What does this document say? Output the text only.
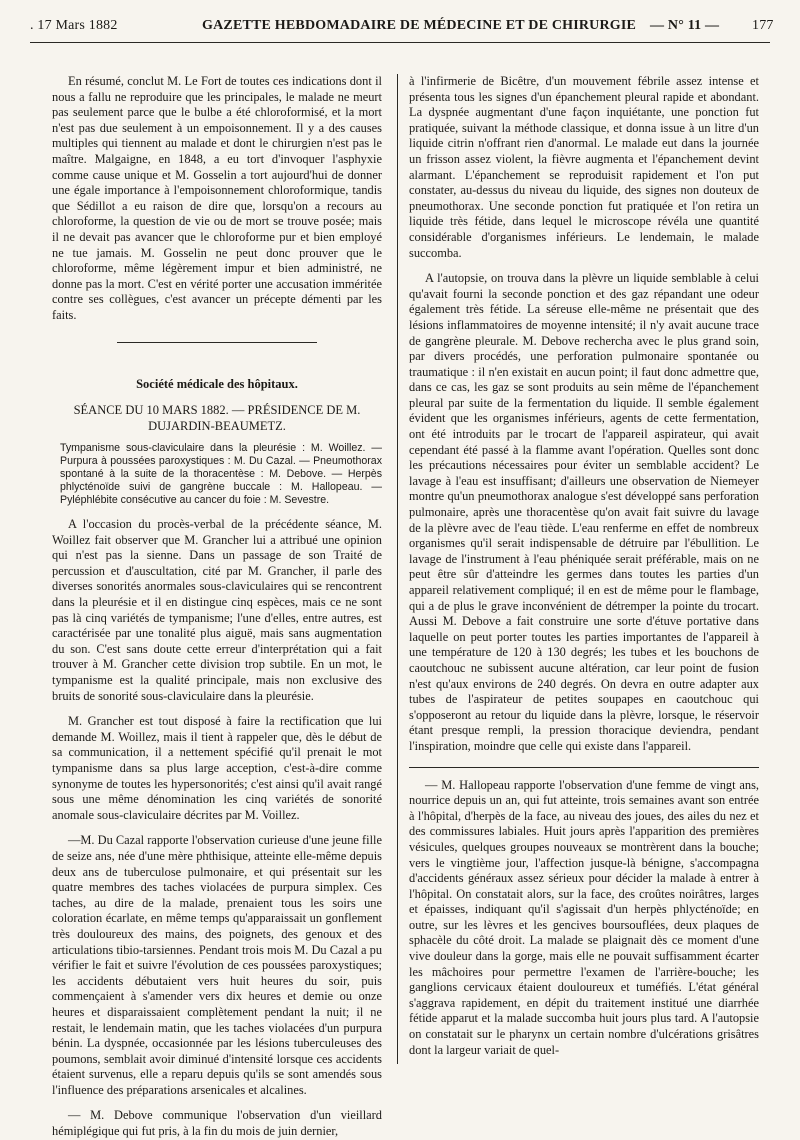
. 17 Mars 1882	GAZETTE HEBDOMADAIRE DE MÉDECINE ET DE CHIRURGIE — N° 11 — 177

En résumé, conclut M. Le Fort de toutes ces indications dont il nous a fallu ne reproduire que les principales, le malade ne meurt pas seulement parce que le bulbe a été chloroformisé, et la mort n'est pas due seulement à un empoisonnement. Il y a des causes multiples qui tiennent au malade et dont le chirurgien n'est pas le maître. Malgaigne, en 1848, a eu tort d'invoquer l'asphyxie comme cause unique et M. Gosselin a tort aujourd'hui de donner une égale importance à l'empoisonnement chloroformique, tandis que Sédillot a eu raison de dire que, lorsqu'on a recours au chloroforme, la question de vie ou de mort se trouve posée; mais il ne devait pas avancer que le chloroforme pur et bien employé ne tue jamais. M. Gosselin ne peut donc prouver que le chloroforme, même légèrement impur et bien administré, ne donne pas la mort. C'est en vérité porter une accusation imméritée contre ses collègues, c'est avancer un précepte démenti par les faits.

Société médicale des hôpitaux.
SÉANCE DU 10 MARS 1882. — PRÉSIDENCE DE M. DUJARDIN-BEAUMETZ.
Tympanisme sous-claviculaire dans la pleurésie : M. Woillez. — Purpura à poussées paroxystiques : M. Du Cazal. — Pneumothorax spontané à la suite de la thoracentèse : M. Debove. — Herpès phlycténoïde suivi de gangrène buccale : M. Hallopeau. — Pyléphlébite consécutive au cancer du foie : M. Sevestre.

A l'occasion du procès-verbal de la précédente séance, M. Woillez fait observer que M. Grancher lui a attribué une opinion qui n'est pas la sienne. Dans un passage de son Traité de percussion et d'auscultation, cité par M. Grancher, il parle des diverses sonorités anormales sous-claviculaires qui se rencontrent dans la pleurésie et il en distingue cinq espèces, mais ce ne sont pas là cinq variétés de tympanisme; l'une d'elles, entre autres, est caractérisée par une tonalité plus aiguë, mais sans augmentation du son. C'est sans doute cette erreur d'interprétation qui a fait trouver à M. Grancher cette division trop subtile. En un mot, le tympanisme est la qualité principale, mais non exclusive des bruits de sonorité sous-claviculaire dans la pleurésie.

M. Grancher est tout disposé à faire la rectification que lui demande M. Woillez, mais il tient à rappeler que, dès le début de sa communication, il a nettement spécifié qu'il prenait le mot tympanisme dans sa plus large acception, c'est-à-dire comme synonyme de toutes les hypersonorités; c'est ainsi qu'il avait rangé sous une même dénomination les cinq variétés de sonorité anomale sous-claviculaire décrites par M. Voillez.

—M. Du Cazal rapporte l'observation curieuse d'une jeune fille de seize ans, née d'une mère phthisique, atteinte elle-même depuis deux ans de tuberculose pulmonaire, et qui présentait sur les quatre membres des taches violacées de purpura simplex. Ces taches, au dire de la malade, prenaient tous les soirs une coloration écarlate, en même temps qu'apparaissait un gonflement très douloureux des mains, des poignets, des genoux et des articulations tibio-tarsiennes. Pendant trois mois M. Du Cazal a pu vérifier le fait et suivre l'évolution de ces poussées paroxystiques; les accidents débutaient vers huit heures du soir, puis commençaient à s'amender vers dix heures et demie ou onze heures et disparaissaient complètement pendant la nuit; il ne restait, le lendemain matin, que les taches violacées d'un purpura bénin. La dyspnée, occasionnée par les lésions tuberculeuses des poumons, semblait avoir diminué d'intensité lorsque ces accidents étaient survenus, elle a reparu depuis qu'ils se sont amendés sous l'influence des préparations arsenicales et alcalines.

— M. Debove communique l'observation d'un vieillard hémiplégique qui fut pris, à la fin du mois de juin dernier,

à l'infirmerie de Bicêtre, d'un mouvement fébrile assez intense et présenta tous les signes d'un épanchement pleural rapide et abondant. La dyspnée augmentant d'une façon inquiétante, une ponction fut pratiquée, suivant la méthode classique, et donna issue à un litre d'un liquide citrin n'offrant rien d'anormal. Le malade eut dans la journée un frisson assez violent, la fièvre augmenta et l'épanchement devint alarmant. L'épanchement se reproduisit rapidement et l'on put constater, au-dessus du niveau du liquide, des signes non douteux de pneumothorax. Une seconde ponction fut pratiquée et l'on retira un liquide très fétide, dans lequel le microscope révéla une quantité considérable d'organismes inférieurs. Le lendemain, le malade succomba.

A l'autopsie, on trouva dans la plèvre un liquide semblable à celui qu'avait fourni la seconde ponction et des gaz répandant une odeur également très fétide. La séreuse elle-même ne présentait que des lésions inflammatoires de moyenne intensité; il n'y avait aucune trace de gangrène pleurale. M. Debove rechercha avec le plus grand soin, par divers procédés, une perforation pulmonaire spontanée ou traumatique : il n'en existait en aucun point; il faut donc admettre que, dans ce cas, les gaz se sont produits au sein même de l'épanchement pleural par suite de la fermentation du liquide. Il semble également évident que les organismes inférieurs, agents de cette fermentation, ont été introduits par le trocart de l'appareil aspirateur, qui avait cependant été passé à la flamme avant l'opération. Quelles sont donc les précautions nécessaires pour éviter un semblable accident? Le lavage à l'eau est insuffisant; d'ailleurs une observation de Niemeyer montre qu'un pneumothorax analogue s'est développé sans perforation pulmonaire, après une thoracentèse qu'on avait fait suivre du lavage de la plèvre avec de l'eau tiède. L'eau renferme en effet de nombreux organismes qu'il serait indispensable de détruire par l'ébullition. Le lavage de l'instrument à l'eau phéniquée serait préférable, mais on ne peut être sûr d'atteindre les germes dans toutes les parties d'un appareil relativement compliqué; il en est de même pour le flambage, qui a de plus le grave inconvénient de détremper la pointe du trocart. Aussi M. Debove a fait construire une sorte d'étuve portative dans laquelle on peut porter toutes les parties importantes de l'appareil à une température de 120 à 130 degrés; les tubes et les bouchons de caoutchouc ne subissent aucune altération, car leur point de fusion n'est qu'aux environs de 240 degrés. On devra en outre adapter aux tubes de l'aspirateur de petites soupapes en caoutchouc qui s'opposeront au retour du liquide dans la plèvre, lorsque, le réservoir étant presque rempli, la pression thoracique deviendra, pendant l'inspiration, moindre que celle qui existe dans l'appareil.

— M. Hallopeau rapporte l'observation d'une femme de vingt ans, nourrice depuis un an, qui fut atteinte, trois semaines avant son entrée à l'hôpital, d'herpès de la face, au niveau des joues, des ailes du nez et des commissures labiales. Huit jours après l'apparition des premières vésicules, quelques groupes nouveaux se montrèrent dans la bouche; vers le vingtième jour, l'affection jusque-là bénigne, s'accompagna d'accidents généraux assez sérieux pour décider la malade à entrer à l'hôpital. On constatait alors, sur la face, des croûtes noirâtres, larges et épaisses, indiquant qu'il s'agissait d'un herpès phlycténoïde; en outre, sur les lèvres et les gencives boursouflées, deux plaques de sphacèle du côté droit. La malade se plaignait dès ce moment d'une vive douleur dans la gorge, mais elle ne pouvait suffisamment écarter les mâchoires pour permettre l'examen de l'arrière-bouche; les ganglions cervicaux étaient douloureux et tuméfiés. L'état général s'aggrava rapidement, en dépit du traitement institué une diarrhée fétide apparut et la malade succomba huit jours plus tard. A l'autopsie on constatait sur le pharynx un certain nombre d'ulcérations grisâtres dont la largeur variait de quel-
